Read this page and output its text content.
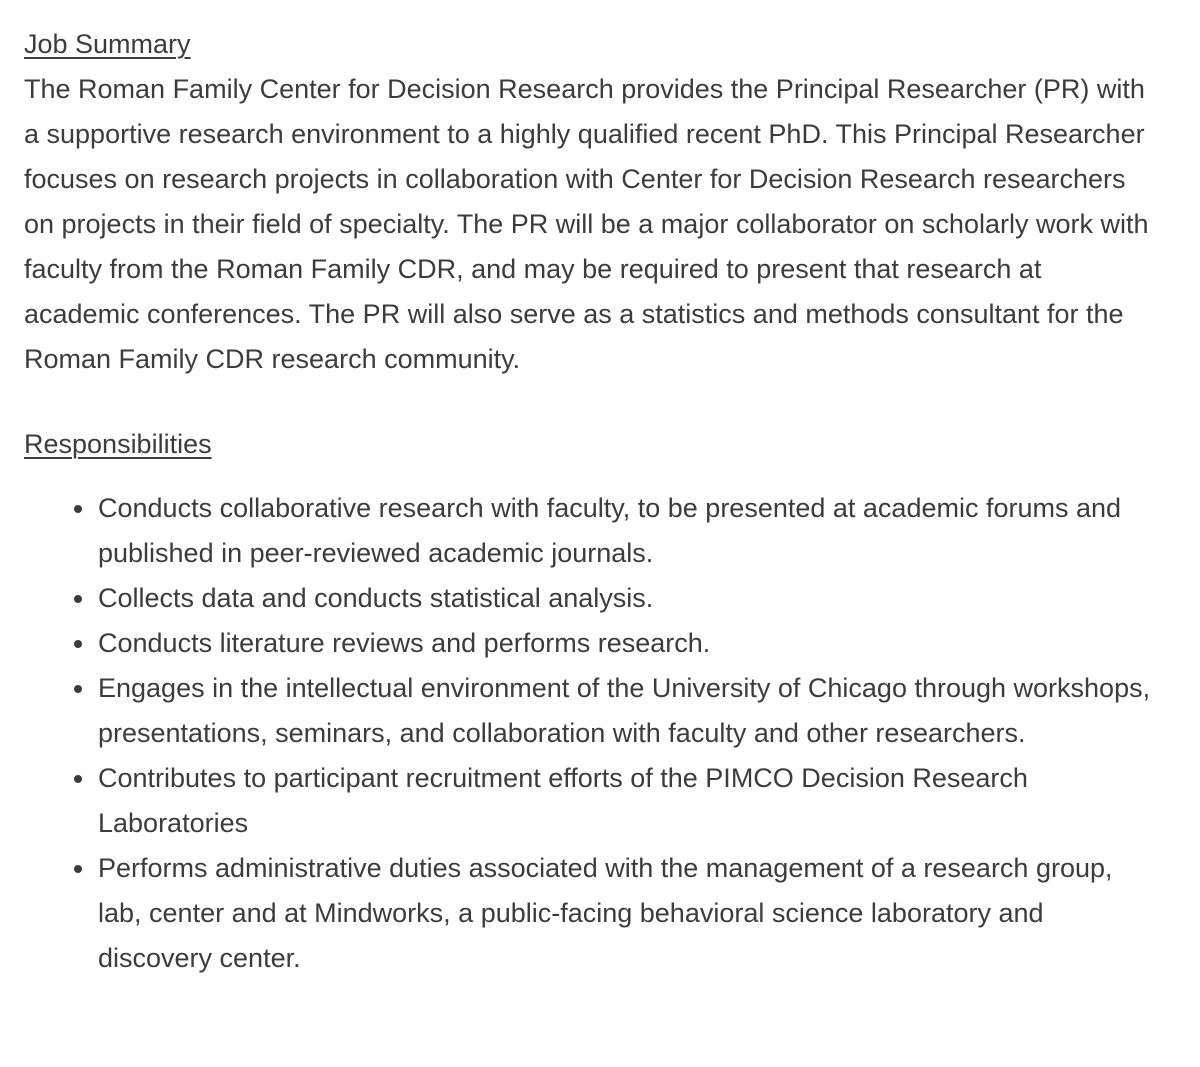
Job Summary

The Roman Family Center for Decision Research provides the Principal Researcher (PR) with a supportive research environment to a highly qualified recent PhD. This Principal Researcher focuses on research projects in collaboration with Center for Decision Research researchers on projects in their field of specialty. The PR will be a major collaborator on scholarly work with faculty from the Roman Family CDR, and may be required to present that research at academic conferences. The PR will also serve as a statistics and methods consultant for the Roman Family CDR research community.

Responsibilities
Conducts collaborative research with faculty, to be presented at academic forums and published in peer-reviewed academic journals.
Collects data and conducts statistical analysis.
Conducts literature reviews and performs research.
Engages in the intellectual environment of the University of Chicago through workshops, presentations, seminars, and collaboration with faculty and other researchers.
Contributes to participant recruitment efforts of the PIMCO Decision Research Laboratories
Performs administrative duties associated with the management of a research group, lab, center and at Mindworks, a public-facing behavioral science laboratory and discovery center.
